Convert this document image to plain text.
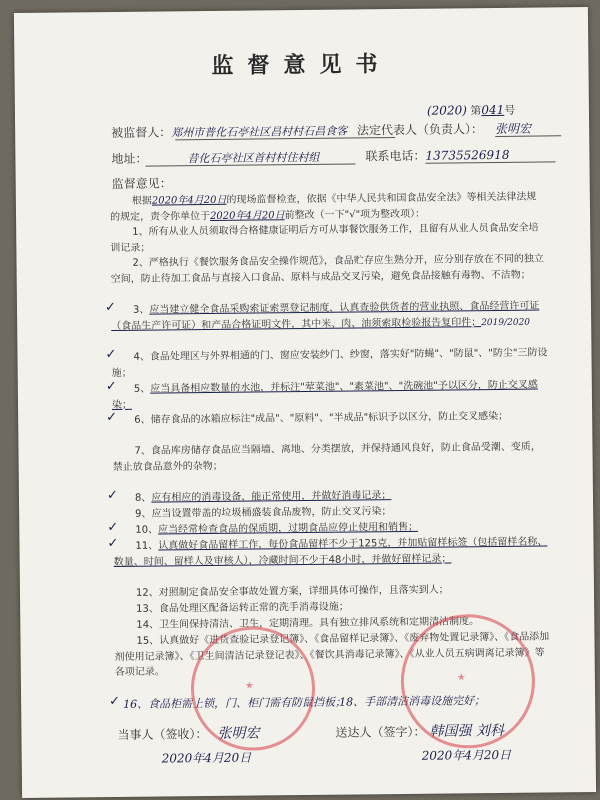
监督意见书
(2020) 第041号
被监督人：郑州市普化石亭社区昌村村石昌食客 法定代表人（负责人）： 张明宏
地址：	昔化石亭社区首村村住村组	联系电话：13735526918
监督意见：
根据2020年4月20日的现场监督检查，依据《中华人民共和国食品安全法》等相关法律法规的规定，责令你单位于2020年4月20日前整改（一下"√"项为整改项）：
1、所有从业人员须取得合格健康证明后方可从事餐饮服务工作，且留有从业人员食品安全培训记录；
2、严格执行《餐饮服务食品安全操作规范》，食品贮存应生熟分开，应分别存放在不同的独立空间，防止待加工食品与直接入口食品、原料与成品交叉污染，避免食品接触有毒物、不洁物；
3、应当建立健全食品采购索证索票登记制度，认真查验供货者的营业执照、食品经营许可证（食品生产许可证）和产品合格证明文件，其中米、肉、油须索取检验报告复印件；2019/2020
4、食品处理区与外界相通的门、窗应安装纱门、纱窗，落实好"防蝇"、"防鼠"、"防尘"三防设施；
5、应当具备相应数量的水池，并标注"荤菜池"、"素菜池"、"洗碗池"予以区分，防止交叉感染；
6、储存食品的冰箱应标注"成品"、"原料"、"半成品"标识予以区分，防止交叉感染；
7、食品库房储存食品应当隔墙、离地、分类摆放，并保持通风良好，防止食品受潮、变质，禁止放食品意外的杂物；
8、应有相应的消毒设备，能正常使用，并做好消毒记录；
9、应当设置带盖的垃圾桶盛装食品废物，防止交叉污染；
10、应当经常检查食品的保质期，过期食品应停止使用和销售；
11、认真做好食品留样工作，每份食品留样不少于125克，并加贴留样标签（包括留样名称、数量、时间、留样人及审核人），冷藏时间不少于48小时，并做好留样记录；
12、对照制定食品安全事故处置方案，详细具体可操作，且落实到人；
13、食品处理区配备运转正常的洗手消毒设施；
14、卫生间保持清洁、卫生，定期清理。具有独立排风系统和定期清洁制度。
15、认真做好《进货查验记录登记簿》、《食品留样记录簿》、《废弃物处置记录簿》、《食品添加剂使用记录簿》、《卫生间清洁记录登记表》、《餐饮具消毒记录簿》、《从业人员五病调离记录簿》等各项记录。
16、食品柜需上锁，门、柜门需有防鼠挡板；
18、手部清洁消毒设施完好；
✓
✓
✓
✓
✓
✓
✓
✓
当事人（签收）： 张明宏	送达人（签字）： 韩国强 刘科
2020年4月20日	2020年4月20日
★
★
